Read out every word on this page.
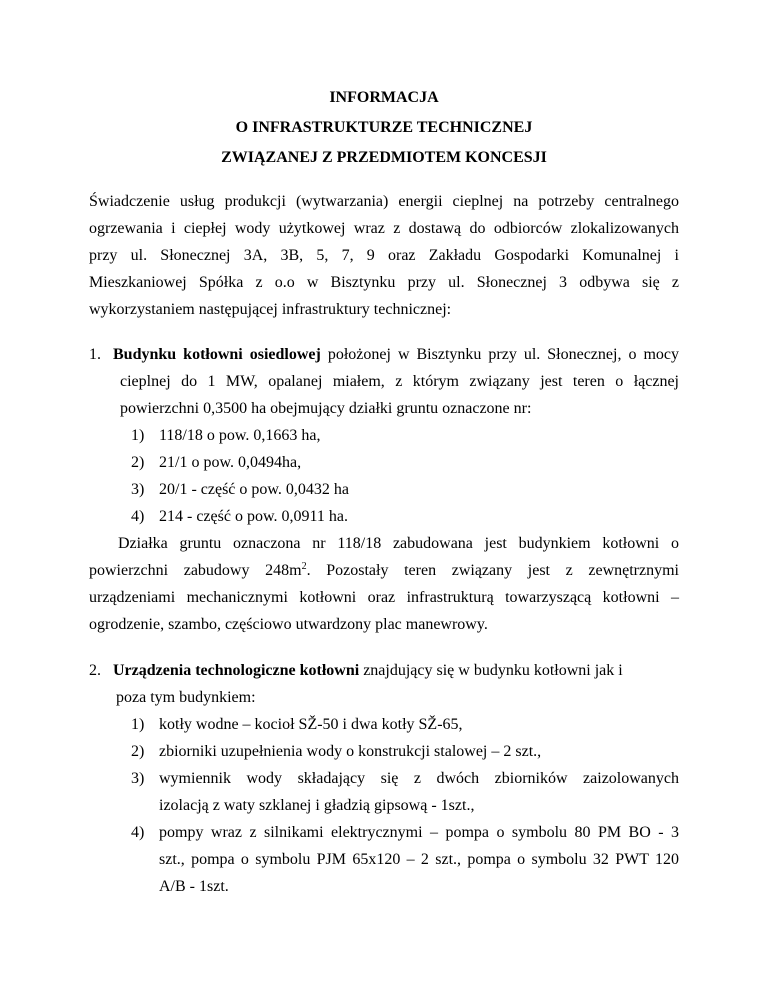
INFORMACJA
O INFRASTRUKTURZE TECHNICZNEJ
ZWIĄZANEJ Z PRZEDMIOTEM KONCESJI
Świadczenie usług produkcji (wytwarzania) energii cieplnej na potrzeby centralnego
ogrzewania i ciepłej wody użytkowej wraz z dostawą do odbiorców zlokalizowanych
przy ul. Słonecznej 3A, 3B, 5, 7, 9 oraz Zakładu Gospodarki Komunalnej i
Mieszkaniowej Spółka z o.o w Bisztynku przy ul. Słonecznej 3 odbywa się z
wykorzystaniem następującej infrastruktury technicznej:
1. Budynku kotłowni osiedlowej położonej w Bisztynku przy ul. Słonecznej, o mocy
cieplnej do 1 MW, opalanej miałem, z którym związany jest teren o łącznej
powierzchni 0,3500 ha obejmujący działki gruntu oznaczone nr:
1) 118/18 o pow. 0,1663 ha,
2) 21/1 o pow. 0,0494ha,
3) 20/1 - część o pow. 0,0432 ha
4) 214 - część o pow. 0,0911 ha.
Działka gruntu oznaczona nr 118/18 zabudowana jest budynkiem kotłowni o
powierzchni zabudowy $248m^2$. Pozostały teren związany jest z zewnętrznymi
urządzeniami mechanicznymi kotłowni oraz infrastrukturą towarzyszącą kotłowni –
ogrodzenie, szambo, częściowo utwardzony plac manewrowy.
2. Urządzenia technologiczne kotłowni znajdujący się w budynku kotłowni jak i
poza tym budynkiem:
1) kotły wodne – kocioł SŽ-50 i dwa kotły SŽ-65,
2) zbiorniki uzupełnienia wody o konstrukcji stalowej – 2 szt.,
3) wymiennik wody składający się z dwóch zbiorników zaizolowanych
izolacją z waty szklanej i gładzią gipsową - 1szt.,
4) pompy wraz z silnikami elektrycznymi – pompa o symbolu 80 PM BO - 3
szt., pompa o symbolu PJM 65x120 – 2 szt., pompa o symbolu 32 PWT 120
A/B - 1szt.
